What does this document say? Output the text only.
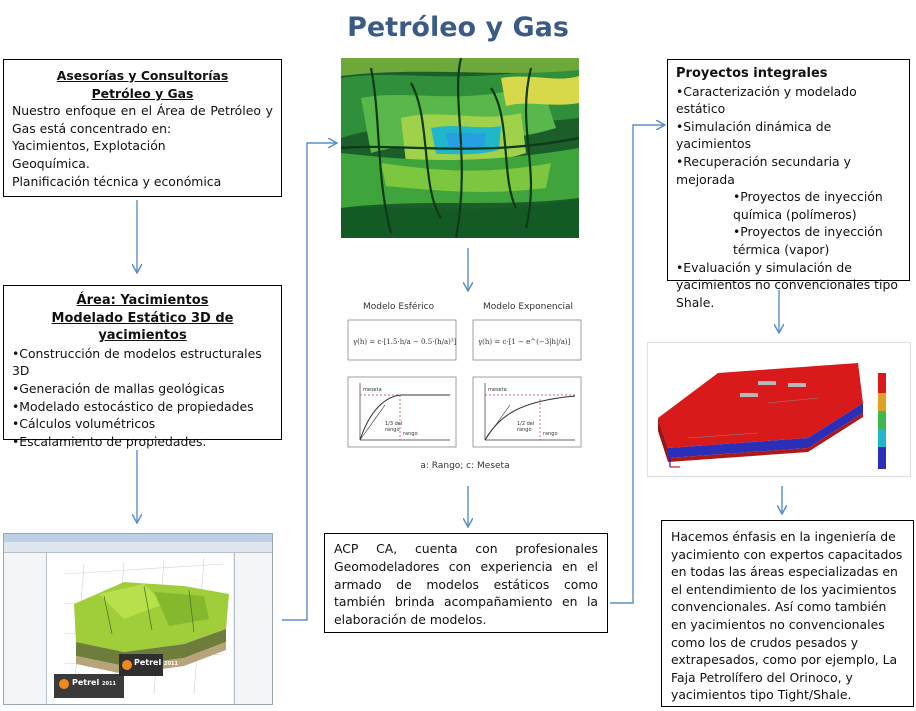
Petróleo y Gas
Asesorías y Consultorías
Petróleo y Gas
Nuestro enfoque en el Área de Petróleo y
Gas está concentrado en:
Yacimientos, Explotación
Geoquímica.
Planificación técnica y económica
Área: Yacimientos
Modelado Estático 3D de yacimientos
•Construcción de modelos estructurales 3D
•Generación de mallas geológicas
•Modelado estocástico de propiedades
•Cálculos volumétricos
•Escalamiento de propiedades.
Petrel 2011
Petrel 2011
Modelo Esférico	Modelo Exponencial
γ(h) = c·[1.5·h/a − 0.5·(h/a)³]	γ(h) = c·[1 − e^(−3|h|/a)]
meseta	meseta
rango	rango
1/3 del
rango
1/2 del
rango
a: Rango; c: Meseta
ACP CA, cuenta con profesionales Geomodeladores con experiencia en el armado de modelos estáticos como también brinda acompañamiento en la elaboración de modelos.
Proyectos integrales
•Caracterización y modelado estático
•Simulación dinámica de yacimientos
•Recuperación secundaria y mejorada
•Proyectos de inyección química (polímeros)
•Proyectos de inyección térmica (vapor)
•Evaluación y simulación de yacimientos no convencionales tipo Shale.
Hacemos énfasis en la ingeniería de yacimiento con expertos capacitados en todas las áreas especializadas en el entendimiento de los yacimientos convencionales. Así como también en yacimientos no convencionales como los de crudos pesados y extrapesados, como por ejemplo, La Faja Petrolífero del Orinoco, y yacimientos tipo Tight/Shale.
